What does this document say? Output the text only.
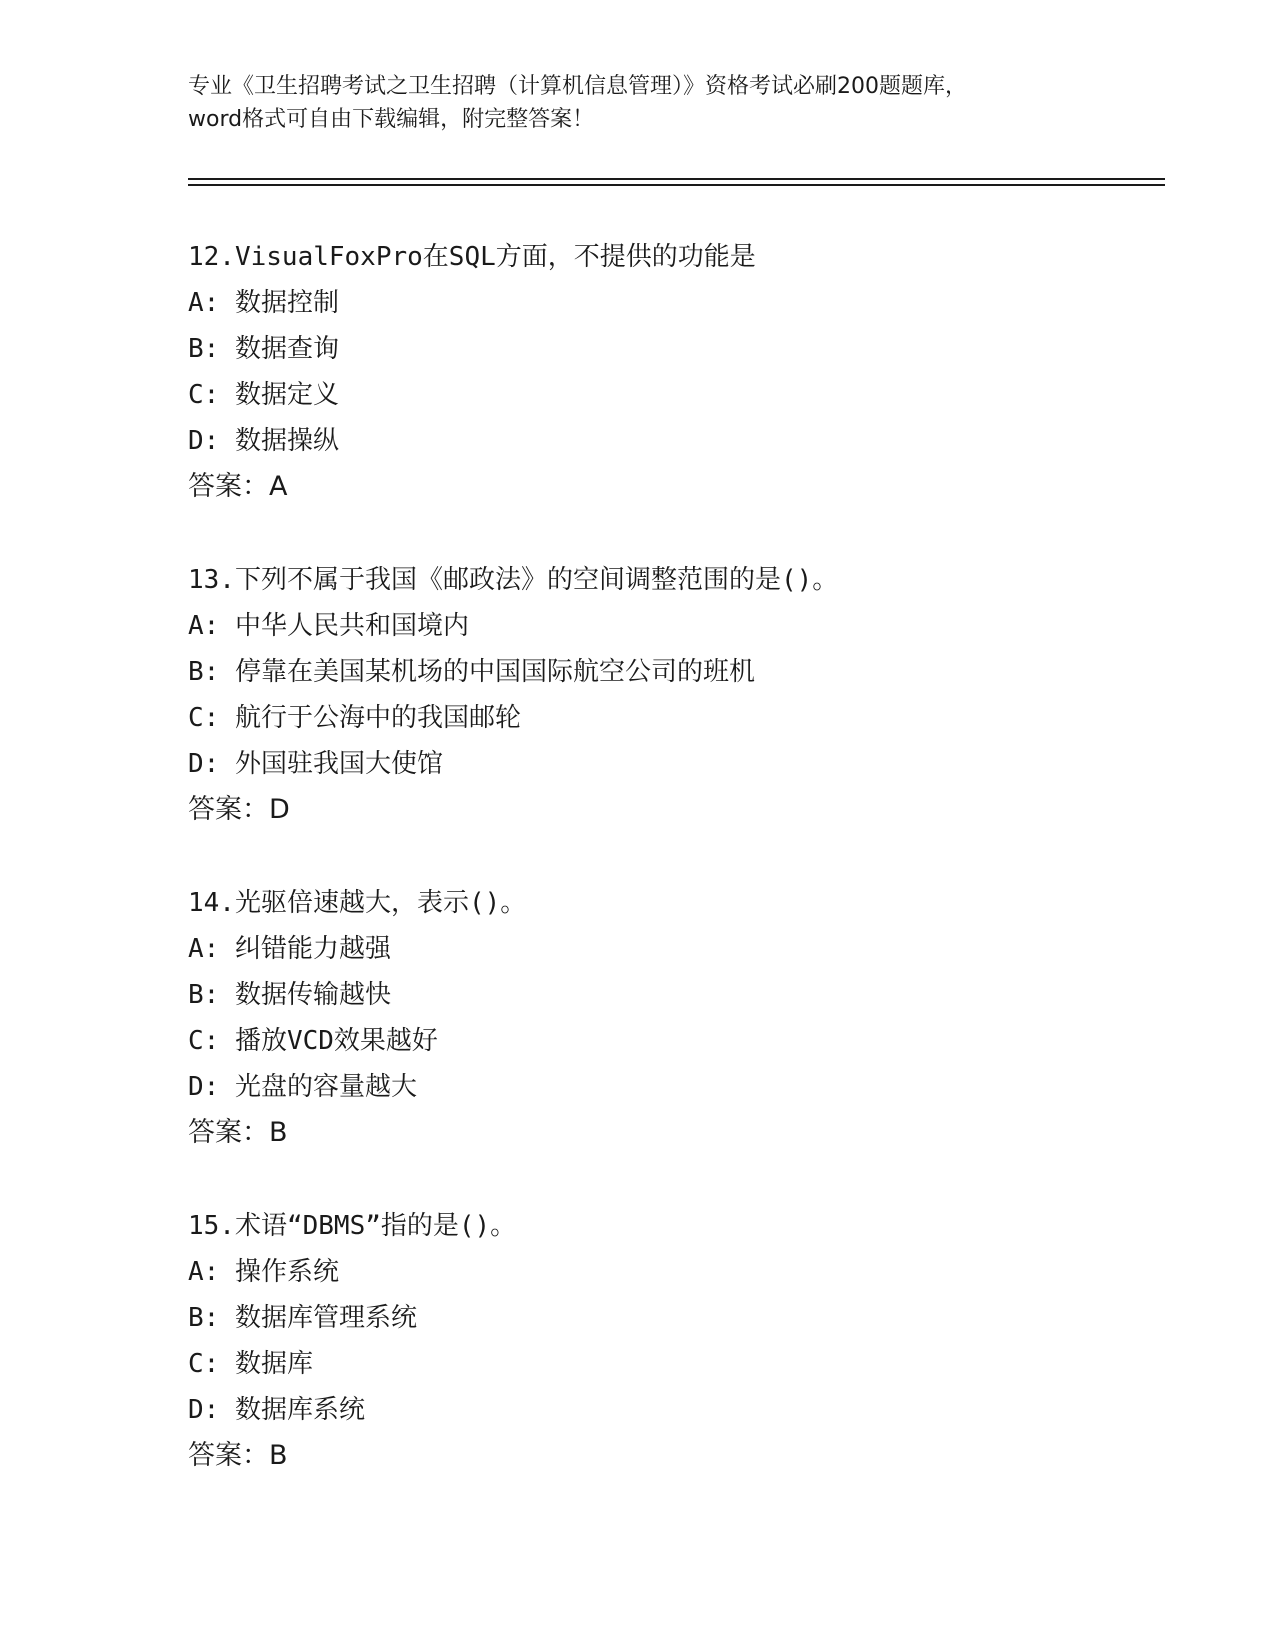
专业《卫生招聘考试之卫生招聘（计算机信息管理）》资格考试必刷200题题库，

word格式可自由下载编辑，附完整答案！

12.VisualFoxPro在SQL方面，不提供的功能是

A: 数据控制

B: 数据查询

C: 数据定义

D: 数据操纵

答案：A

13.下列不属于我国《邮政法》的空间调整范围的是()。

A: 中华人民共和国境内

B: 停靠在美国某机场的中国国际航空公司的班机

C: 航行于公海中的我国邮轮

D: 外国驻我国大使馆

答案：D

14.光驱倍速越大，表示()。

A: 纠错能力越强

B: 数据传输越快

C: 播放VCD效果越好

D: 光盘的容量越大

答案：B

15.术语“DBMS”指的是()。

A: 操作系统

B: 数据库管理系统

C: 数据库

D: 数据库系统

答案：B
